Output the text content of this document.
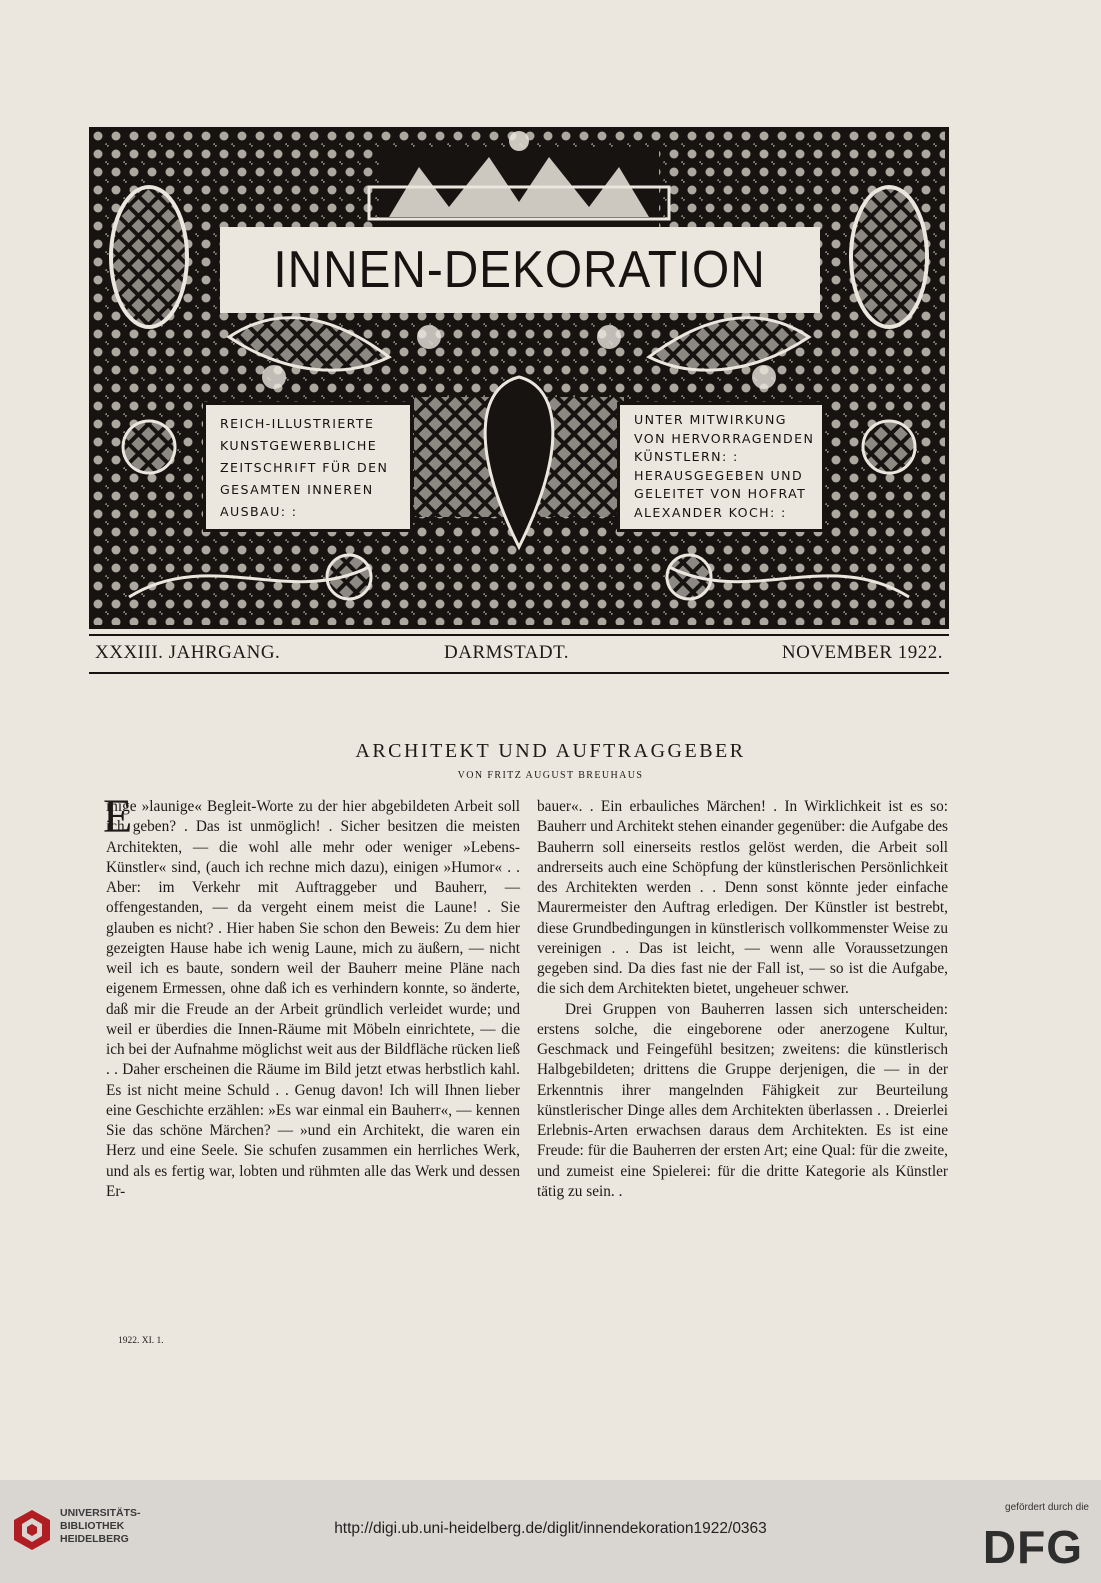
INNEN-DEKORATION
REICH-ILLUSTRIERTE
KUNSTGEWERBLICHE
ZEITSCHRIFT FÜR DEN
GESAMTEN INNEREN
AUSBAU: :
UNTER MITWIRKUNG
VON HERVORRAGENDEN
KÜNSTLERN: :
HERAUSGEGEBEN UND
GELEITET VON HOFRAT
ALEXANDER KOCH: :
XXXIII. JAHRGANG.	DARMSTADT.	NOVEMBER 1922.
ARCHITEKT UND AUFTRAGGEBER
VON FRITZ AUGUST BREUHAUS
E

inige »launige« Begleit-Worte zu der hier abgebildeten Arbeit soll ich geben? . Das ist unmöglich! . Sicher besitzen die meisten Architekten, — die wohl alle mehr oder weniger »Lebens-Künstler« sind, (auch ich rechne mich dazu), einigen »Humor« . . Aber: im Verkehr mit Auftraggeber und Bauherr, — offengestanden, — da vergeht einem meist die Laune! . Sie glauben es nicht? . Hier haben Sie schon den Beweis: Zu dem hier gezeigten Hause habe ich wenig Laune, mich zu äußern, — nicht weil ich es baute, sondern weil der Bauherr meine Pläne nach eigenem Ermessen, ohne daß ich es verhindern konnte, so änderte, daß mir die Freude an der Arbeit gründlich verleidet wurde; und weil er überdies die Innen-Räume mit Möbeln einrichtete, — die ich bei der Aufnahme möglichst weit aus der Bildfläche rücken ließ . . Daher erscheinen die Räume im Bild jetzt etwas herbstlich kahl. Es ist nicht meine Schuld . . Genug davon! Ich will Ihnen lieber eine Geschichte erzählen: »Es war einmal ein Bauherr«, — kennen Sie das schöne Märchen? — »und ein Architekt, die waren ein Herz und eine Seele. Sie schufen zusammen ein herrliches Werk, und als es fertig war, lobten und rühmten alle das Werk und dessen Er-

bauer«. . Ein erbauliches Märchen! . In Wirklichkeit ist es so: Bauherr und Architekt stehen einander gegenüber: die Aufgabe des Bauherrn soll einerseits restlos gelöst werden, die Arbeit soll andrerseits auch eine Schöpfung der künstlerischen Persönlichkeit des Architekten werden . . Denn sonst könnte jeder einfache Maurermeister den Auftrag erledigen. Der Künstler ist bestrebt, diese Grundbedingungen in künstlerisch vollkommenster Weise zu vereinigen . . Das ist leicht, — wenn alle Voraussetzungen gegeben sind. Da dies fast nie der Fall ist, — so ist die Aufgabe, die sich dem Architekten bietet, ungeheuer schwer.

Drei Gruppen von Bauherren lassen sich unterscheiden: erstens solche, die eingeborene oder anerzogene Kultur, Geschmack und Feingefühl besitzen; zweitens: die künstlerisch Halbgebildeten; drittens die Gruppe derjenigen, die — in der Erkenntnis ihrer mangelnden Fähigkeit zur Beurteilung künstlerischer Dinge alles dem Architekten überlassen . . Dreierlei Erlebnis-Arten erwachsen daraus dem Architekten. Es ist eine Freude: für die Bauherren der ersten Art; eine Qual: für die zweite, und zumeist eine Spielerei: für die dritte Kategorie als Künstler tätig zu sein. .

1922. XI. 1.
UNIVERSITÄTS-
BIBLIOTHEK
HEIDELBERG
http://digi.ub.uni-heidelberg.de/diglit/innendekoration1922/0363
gefördert durch die
DFG
